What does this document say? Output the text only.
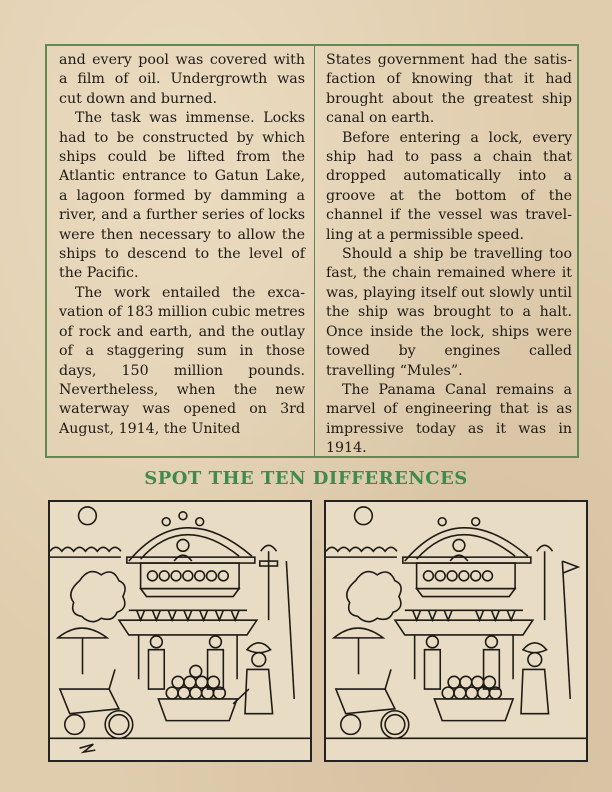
and every pool was covered with a film of oil. Undergrowth was cut down and burned.

The task was immense. Locks had to be constructed by which ships could be lifted from the Atlantic entrance to Gatun Lake, a lagoon formed by damming a river, and a further series of locks were then necessary to allow the ships to descend to the level of the Pacific.

The work entailed the excavation of 183 million cubic metres of rock and earth, and the outlay of a staggering sum in those days, 150 million pounds. Nevertheless, when the new waterway was opened on 3rd August, 1914, the United

States government had the satisfaction of knowing that it had brought about the greatest ship canal on earth.

Before entering a lock, every ship had to pass a chain that dropped automatically into a groove at the bottom of the channel if the vessel was travelling at a permissible speed.

Should a ship be travelling too fast, the chain remained where it was, playing itself out slowly until the ship was brought to a halt. Once inside the lock, ships were towed by engines called travelling “Mules”.

The Panama Canal remains a marvel of engineering that is as impressive today as it was in 1914.

SPOT THE TEN DIFFERENCES
